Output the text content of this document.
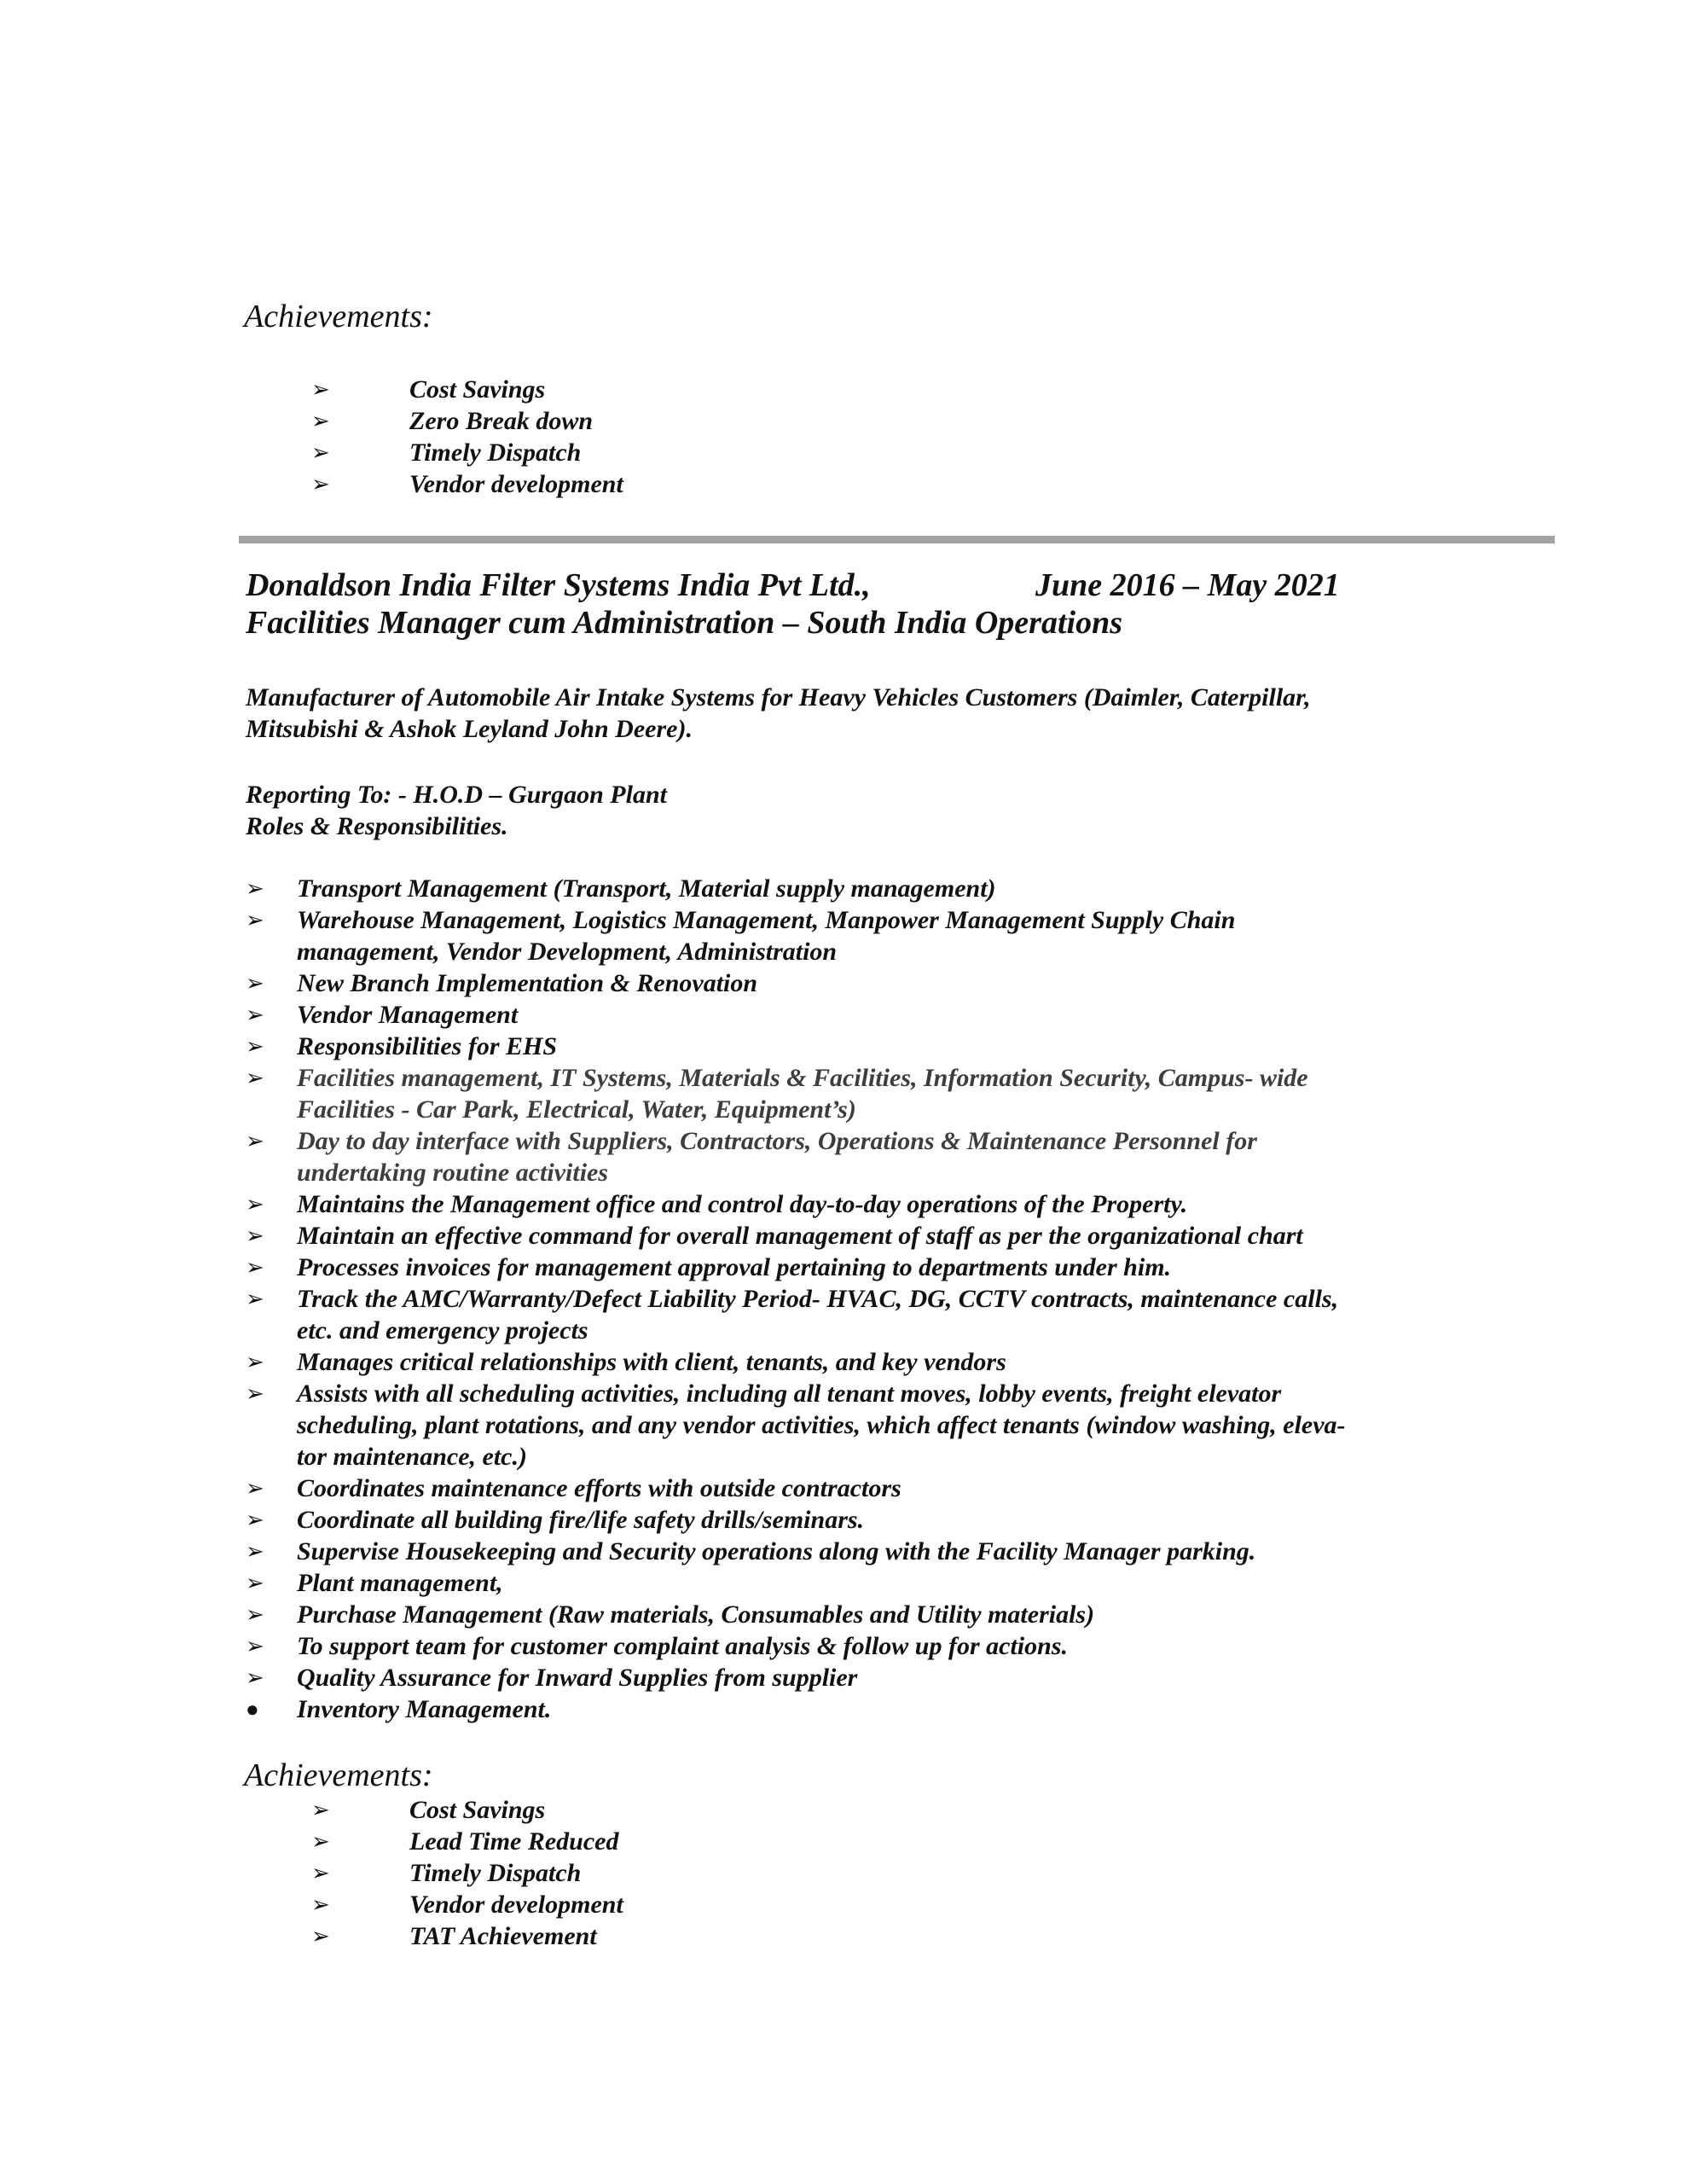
Achievements:
➢	Cost Savings
➢	Zero Break down
➢	Timely Dispatch
➢	Vendor development
Donaldson India Filter Systems India Pvt Ltd.,	June 2016 – May 2021
Facilities Manager cum Administration – South India Operations
Manufacturer of Automobile Air Intake Systems for Heavy Vehicles Customers (Daimler, Caterpillar,
Mitsubishi & Ashok Leyland John Deere).
Reporting To: - H.O.D – Gurgaon Plant
Roles & Responsibilities.
➢ Transport Management (Transport, Material supply management)
➢ Warehouse Management, Logistics Management, Manpower Management Supply Chain
management, Vendor Development, Administration
➢ New Branch Implementation & Renovation
➢ Vendor Management
➢ Responsibilities for EHS
➢ Facilities management, IT Systems, Materials & Facilities, Information Security, Campus- wide
Facilities - Car Park, Electrical, Water, Equipment’s)
➢ Day to day interface with Suppliers, Contractors, Operations & Maintenance Personnel for
undertaking routine activities
➢ Maintains the Management office and control day-to-day operations of the Property.
➢ Maintain an effective command for overall management of staff as per the organizational chart
➢ Processes invoices for management approval pertaining to departments under him.
➢ Track the AMC/Warranty/Defect Liability Period- HVAC, DG, CCTV contracts, maintenance calls,
etc. and emergency projects
➢ Manages critical relationships with client, tenants, and key vendors
➢ Assists with all scheduling activities, including all tenant moves, lobby events, freight elevator
scheduling, plant rotations, and any vendor activities, which affect tenants (window washing, eleva-
tor maintenance, etc.)
➢ Coordinates maintenance efforts with outside contractors
➢ Coordinate all building fire/life safety drills/seminars.
➢ Supervise Housekeeping and Security operations along with the Facility Manager parking.
➢ Plant management,
➢ Purchase Management (Raw materials, Consumables and Utility materials)
➢ To support team for customer complaint analysis & follow up for actions.
➢ Quality Assurance for Inward Supplies from supplier
● Inventory Management.
Achievements:
➢	Cost Savings
➢	Lead Time Reduced
➢	Timely Dispatch
➢	Vendor development
➢	TAT Achievement
